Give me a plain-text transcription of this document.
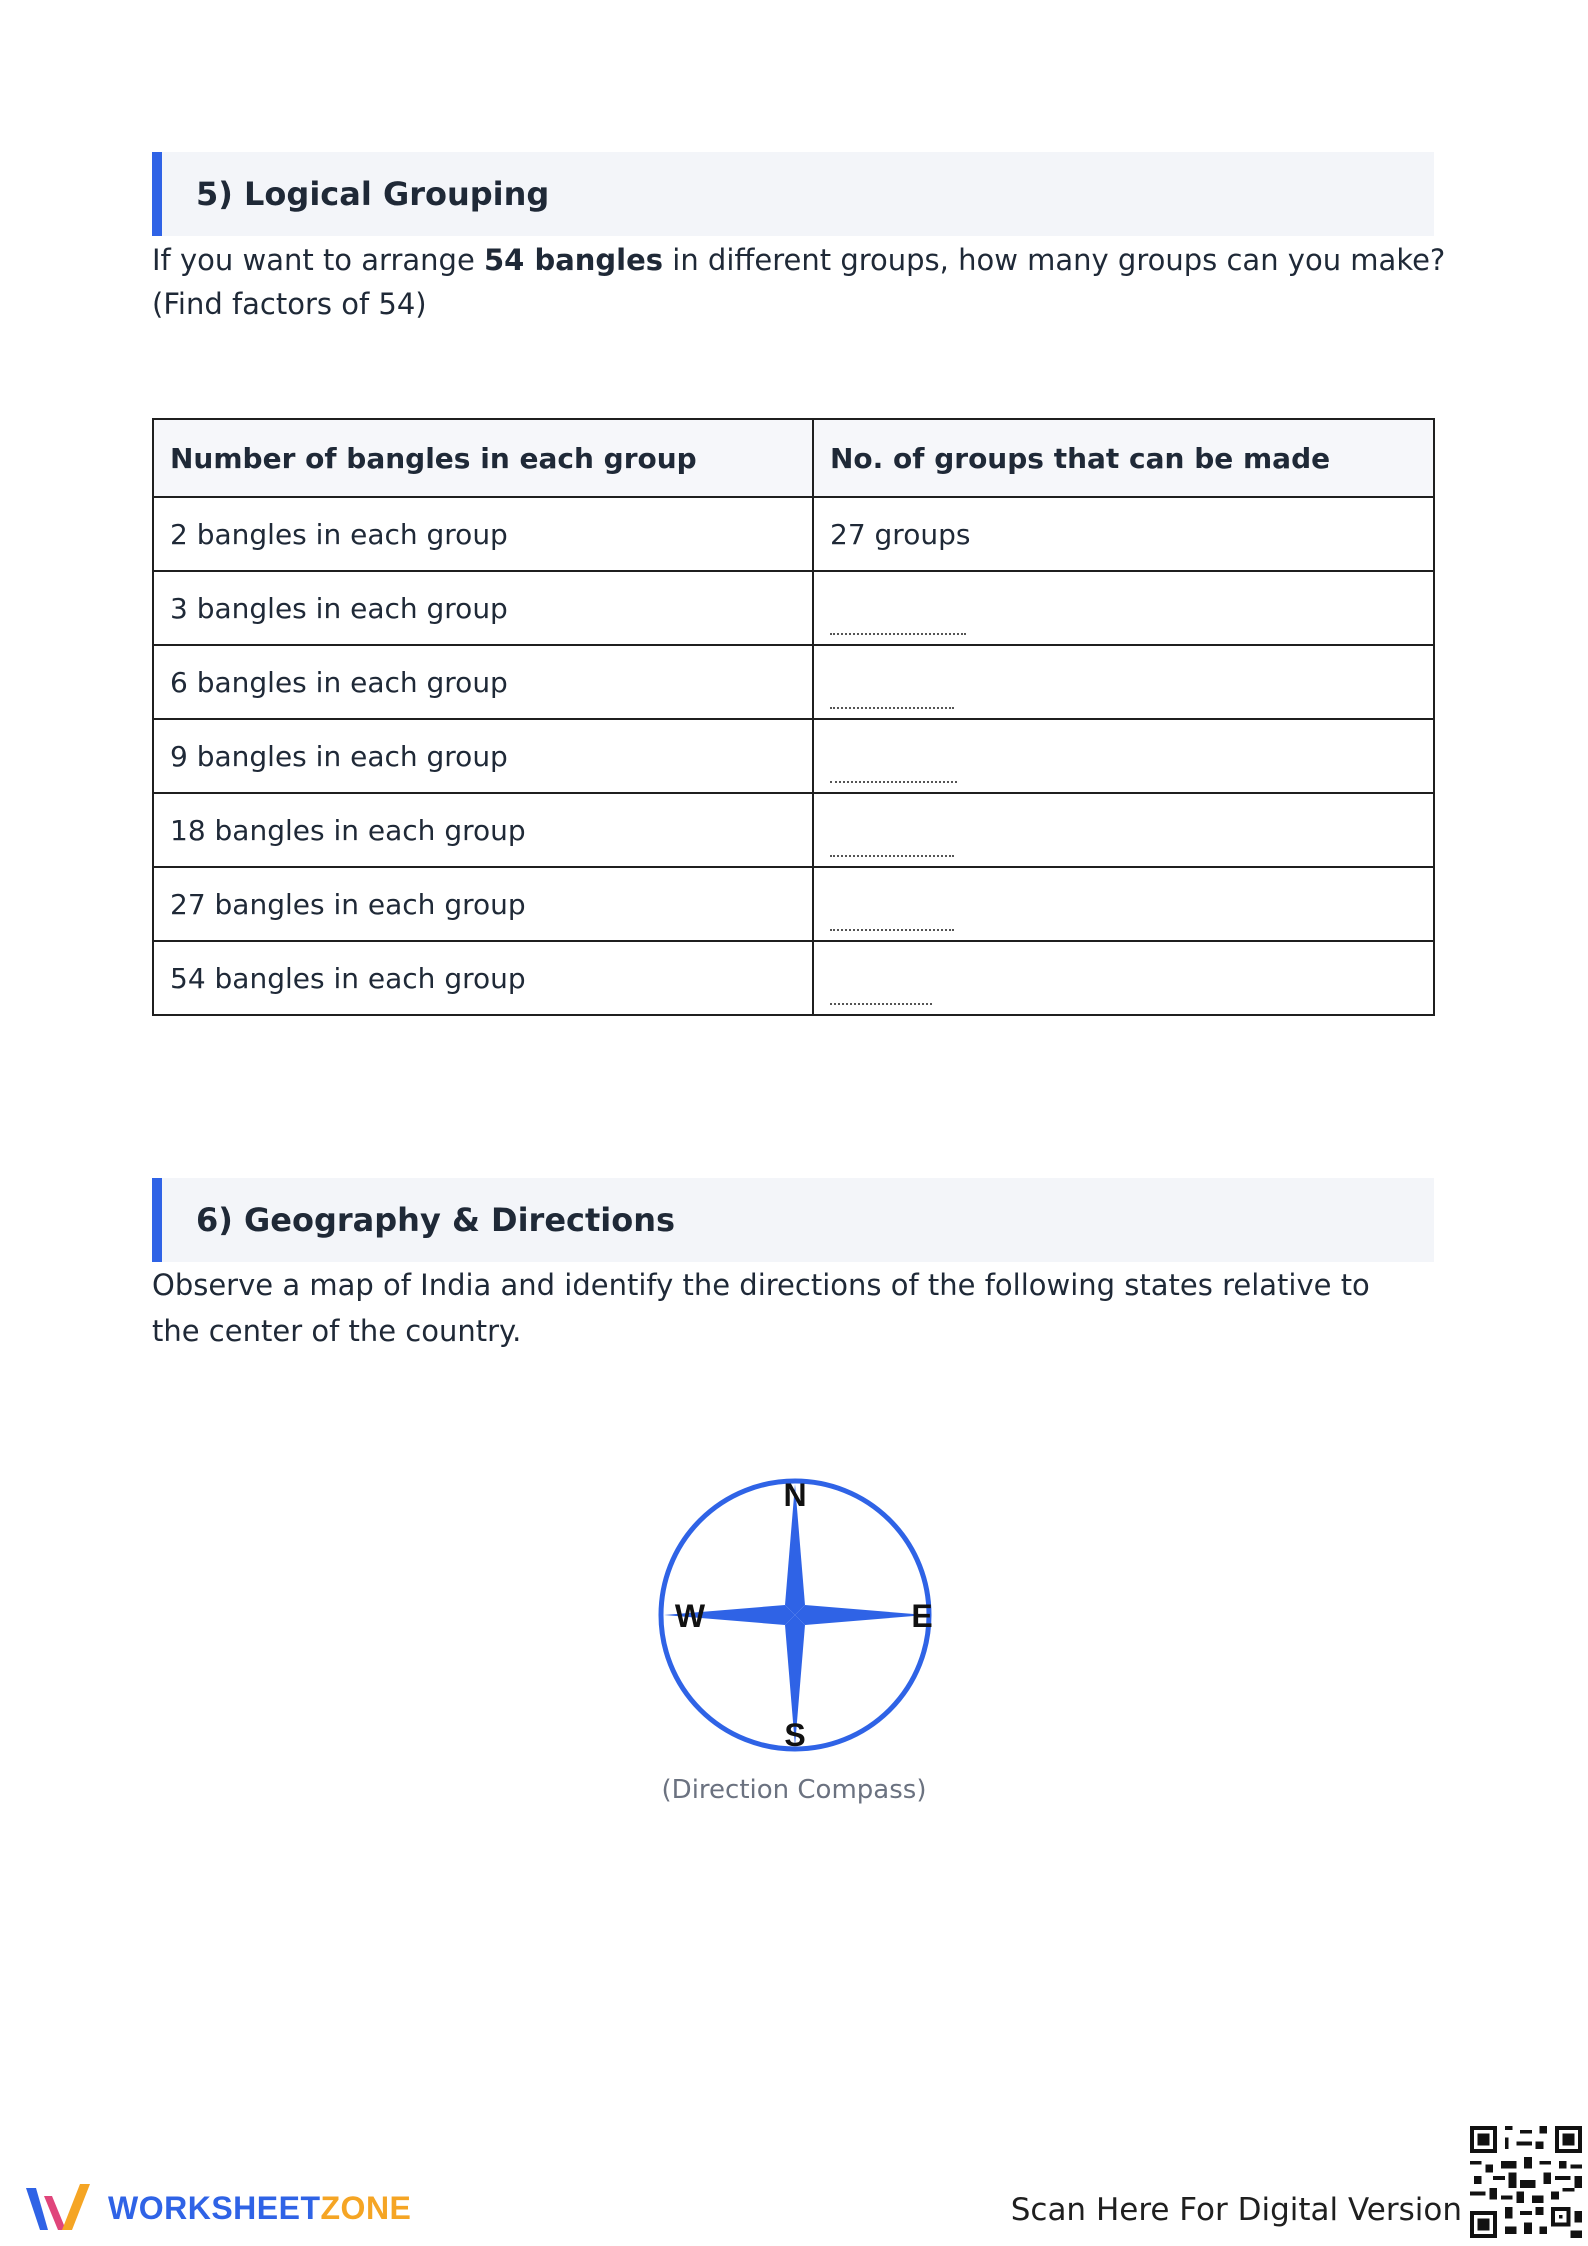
5) Logical Grouping

If you want to arrange 54 bangles in different groups, how many groups can you make?
(Find factors of 54)

Number of bangles in each group	No. of groups that can be made
2 bangles in each group	27 groups
3 bangles in each group	
6 bangles in each group	
9 bangles in each group	
18 bangles in each group	
27 bangles in each group	
54 bangles in each group	
6) Geography & Directions

Observe a map of India and identify the directions of the following states relative to the center of the country.

N
S
E
W
(Direction Compass)
WORKSHEETZONE	Scan Here For Digital Version
